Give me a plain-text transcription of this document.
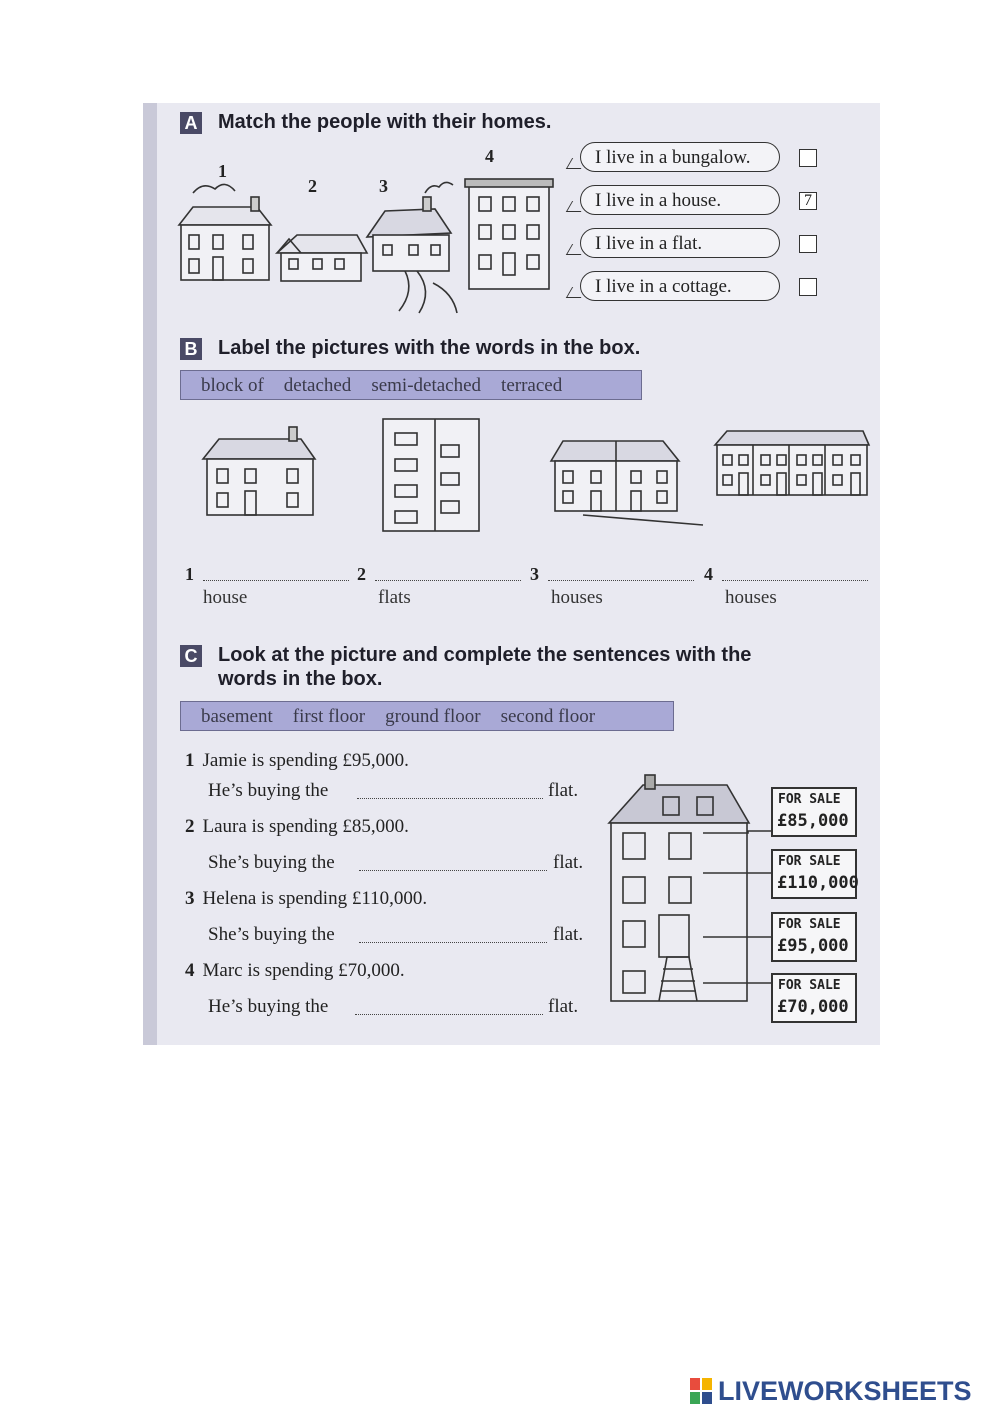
A Match the people with their homes.
1
2	3
4	I live in a bungalow.
I live in a house.
I live in a flat.
I live in a cottage.
7
B Label the pictures with the words in the box.
block of detached semi-detached terraced
1
house
2
flats
3
houses
4
houses
C Look at the picture and complete the sentences with the
words in the box.
basement first floor ground floor second floor
1 Jamie is spending £95,000.
He’s buying the	flat.
2 Laura is spending £85,000.
She’s buying the	flat.
3 Helena is spending £110,000.
She’s buying the	flat.
4 Marc is spending £70,000.
He’s buying the	flat.
FOR SALE
£85,000
FOR SALE
£110,000
FOR SALE
£95,000
FOR SALE
£70,000
LIVEWORKSHEETS
